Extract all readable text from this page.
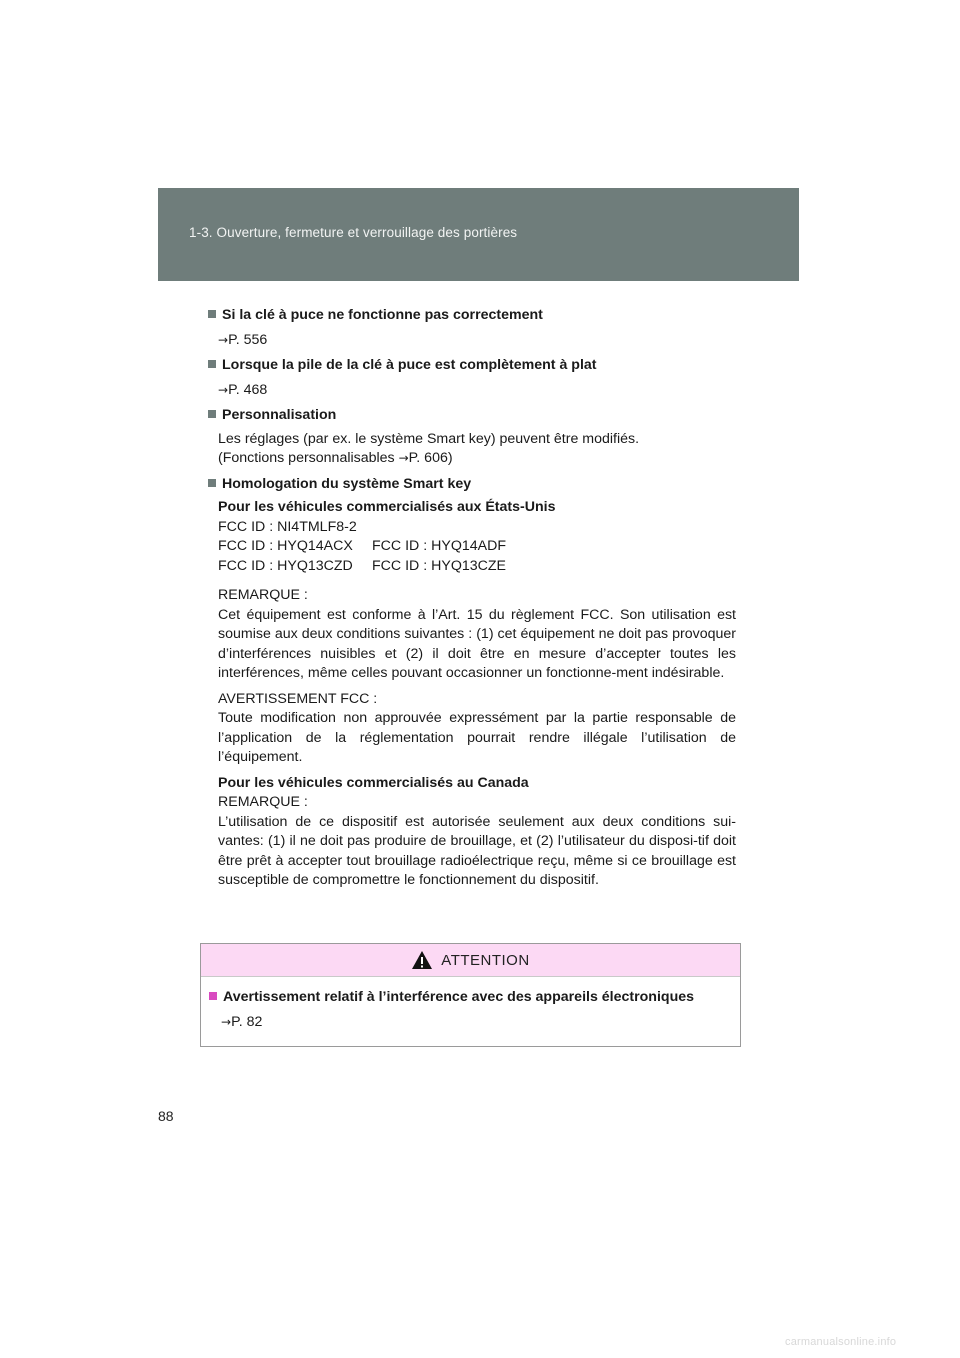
1-3. Ouverture, fermeture et verrouillage des portières
Si la clé à puce ne fonctionne pas correctement
→P. 556
Lorsque la pile de la clé à puce est complètement à plat
→P. 468
Personnalisation
Les réglages (par ex. le système Smart key) peuvent être modifiés.
(Fonctions personnalisables →P. 606)
Homologation du système Smart key
Pour les véhicules commercialisés aux États-Unis
FCC ID : NI4TMLF8-2
FCC ID : HYQ14ACX	FCC ID : HYQ14ADF
FCC ID : HYQ13CZD	FCC ID : HYQ13CZE
REMARQUE :
Cet équipement est conforme à l’Art. 15 du règlement FCC. Son utilisation est soumise aux deux conditions suivantes : (1) cet équipement ne doit pas provoquer d’interférences nuisibles et (2) il doit être en mesure d’accepter toutes les interférences, même celles pouvant occasionner un fonctionne-ment indésirable.
AVERTISSEMENT FCC :
Toute modification non approuvée expressément par la partie responsable de l’application de la réglementation pourrait rendre illégale l’utilisation de l’équipement.
Pour les véhicules commercialisés au Canada
REMARQUE :
L’utilisation de ce dispositif est autorisée seulement aux deux conditions sui-vantes: (1) il ne doit pas produire de brouillage, et (2) l’utilisateur du disposi-tif doit être prêt à accepter tout brouillage radioélectrique reçu, même si ce brouillage est susceptible de compromettre le fonctionnement du dispositif.
ATTENTION
Avertissement relatif à l’interférence avec des appareils électroniques
→P. 82
88
carmanualsonline.info
